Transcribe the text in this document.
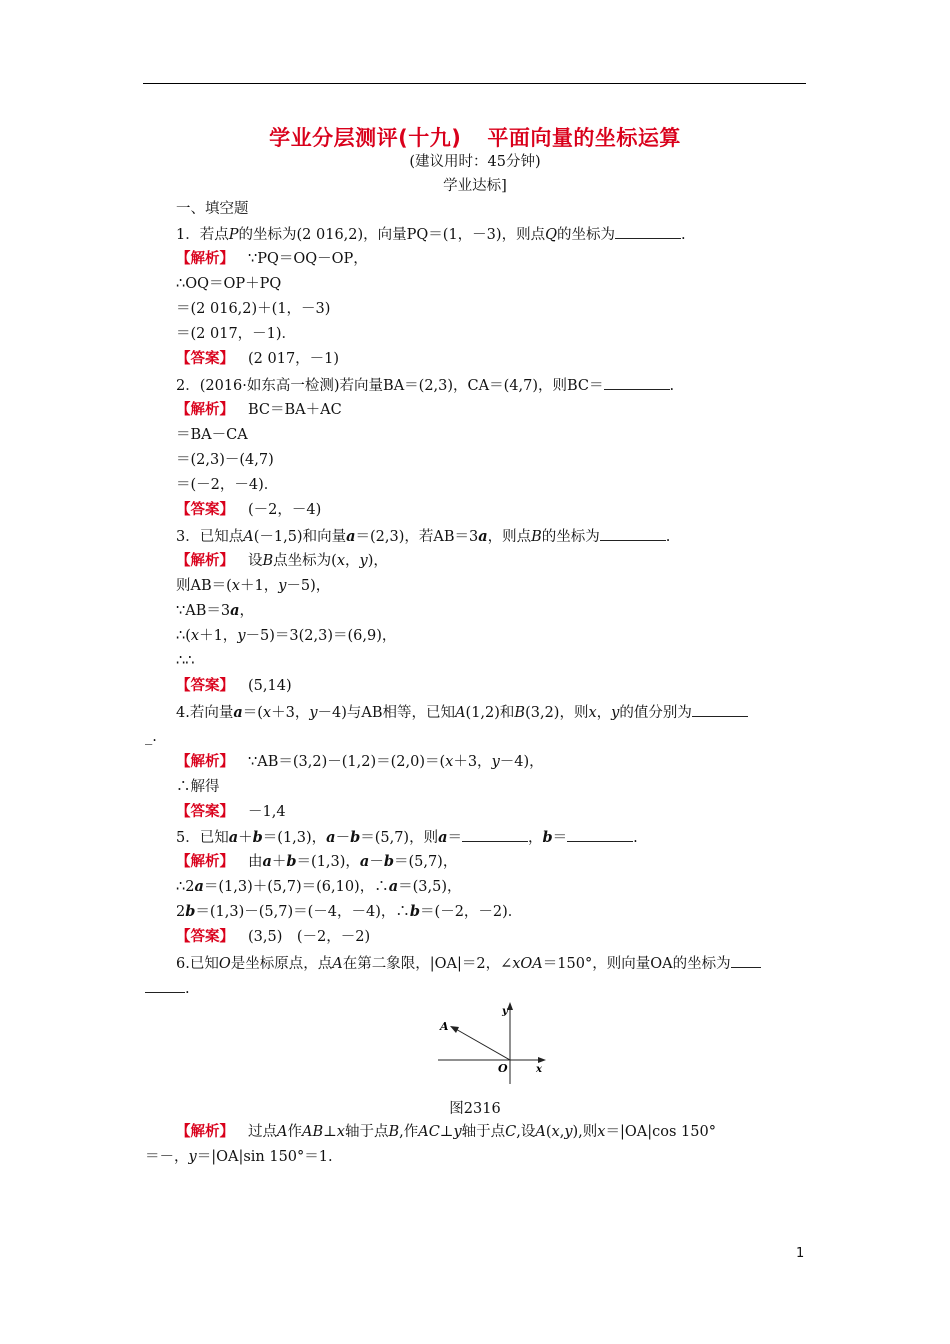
学业分层测评(十九) 平面向量的坐标运算
(建议用时：45分钟)
学业达标]
一、填空题
1．若点P的坐标为(2 016,2)，向量PQ＝(1，－3)，则点Q的坐标为	.
【解析】 ∵PQ＝OQ－OP，
∴OQ＝OP＋PQ
＝(2 016,2)＋(1，－3)
＝(2 017，－1)．
【答案】 (2 017，－1)
2．(2016·如东高一检测)若向量BA＝(2,3)，CA＝(4,7)，则BC＝	.
【解析】 BC＝BA＋AC
＝BA－CA
＝(2,3)－(4,7)
＝(－2，－4)．
【答案】 (－2，－4)
3．已知点A(－1,5)和向量a＝(2,3)，若AB＝3a，则点B的坐标为	.
【解析】 设B点坐标为(x，y)，
则AB＝(x＋1，y－5)，
∵AB＝3a，
∴(x＋1，y－5)＝3(2,3)＝(6,9)，
∴∴
【答案】 (5,14)
4.若向量a＝(x＋3，y－4)与AB相等，已知A(1,2)和B(3,2)，则x，y的值分别为
_.
【解析】 ∵AB＝(3,2)－(1,2)＝(2,0)＝(x＋3，y－4)，
∴解得
【答案】 －1,4
5．已知a＋b＝(1,3)，a－b＝(5,7)，则a＝	，b＝	.
【解析】 由a＋b＝(1,3)，a－b＝(5,7)，
∴2a＝(1,3)＋(5,7)＝(6,10)，∴a＝(3,5)，
2b＝(1,3)－(5,7)＝(－4，－4)，∴b＝(－2，－2)．
【答案】 (3,5)　(－2，－2)
6.已知O是坐标原点，点A在第二象限，|OA|＝2，∠xOA＝150°，则向量OA的坐标为
.
A
y
O	x
图2316
【解析】 过点A作AB⊥x轴于点B,作AC⊥y轴于点C,设A(x,y),则x＝|OA|cos 150°
＝－，y＝|OA|sin 150°＝1.
1
